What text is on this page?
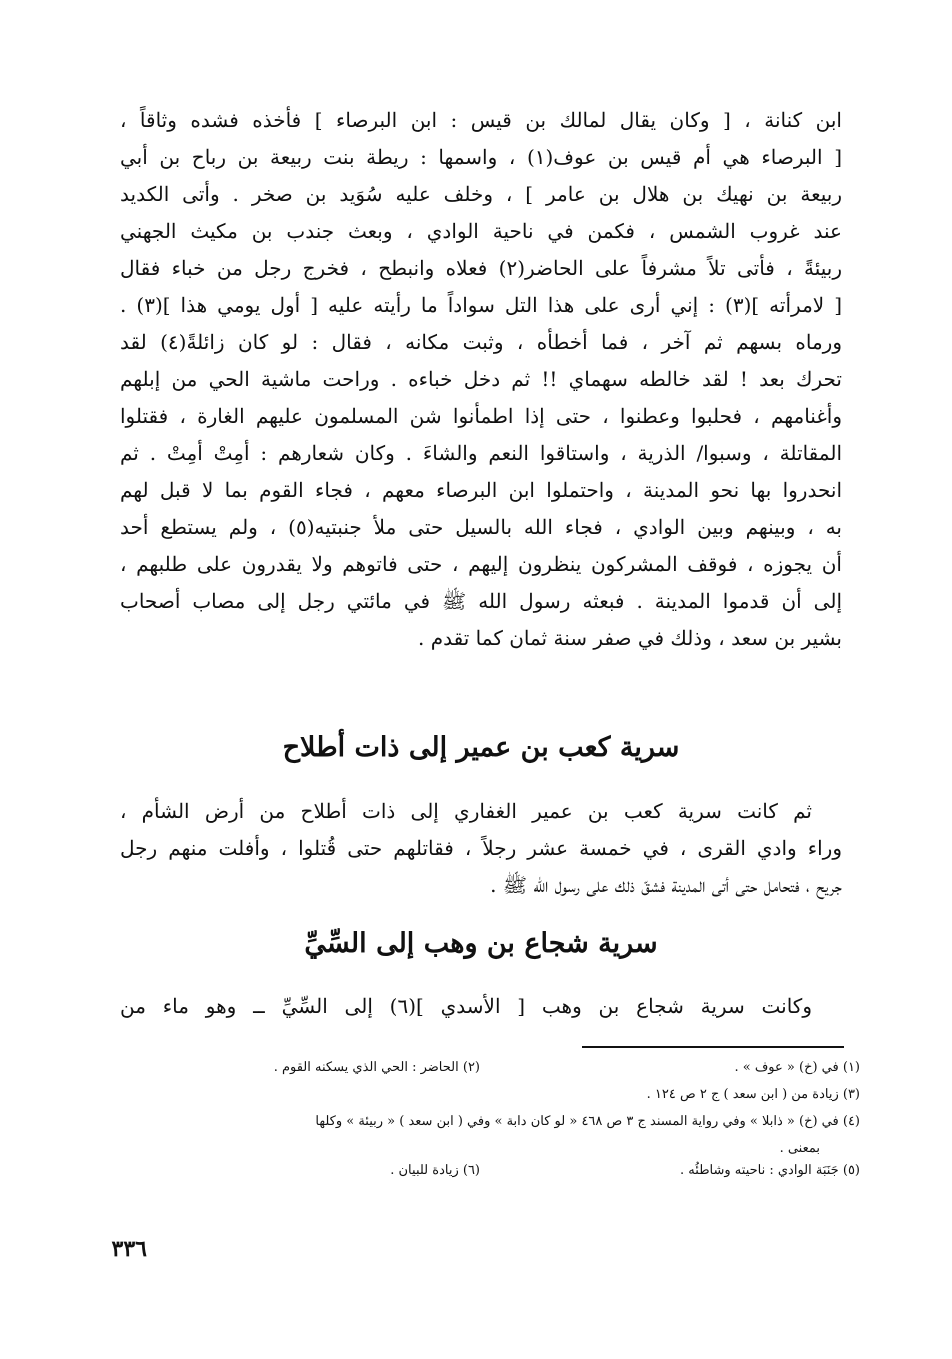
ابن كنانة ، [ وكان يقال لمالك بن قيس : ابن البرصاء ] فأخذه فشده وثاقاً ،
[ البرصاء هي أم قيس بن عوف(١) ، واسمها : ريطة بنت ربيعة بن رباح بن أبي
ربيعة بن نهيك بن هلال بن عامر ] ، وخلف عليه سُوَيد بن صخر . وأتى الكديد
عند غروب الشمس ، فكمن في ناحية الوادي ، وبعث جندب بن مكيث الجهني
ربيئةً ، فأتى تلاً مشرفاً على الحاضر(٢) فعلاه وانبطح ، فخرج رجل من خباء فقال
[ لامرأته ](٣) : إني أرى على هذا التل سواداً ما رأيته عليه [ أول يومي هذا ](٣) .
ورماه بسهم ثم آخر ، فما أخطأه ، وثبت مكانه ، فقال : لو كان زائلةً(٤) لقد
تحرك بعد ! لقد خالطه سهماي !! ثم دخل خباءه . وراحت ماشية الحي من إبلهم
وأغنامهم ، فحلبوا وعطنوا ، حتى إذا اطمأنوا شن المسلمون عليهم الغارة ، فقتلوا
المقاتلة ، وسبوا/ الذرية ، واستاقوا النعم والشاءَ . وكان شعارهم : أمِتْ أمِتْ . ثم
انحدروا بها نحو المدينة ، واحتملوا ابن البرصاء معهم ، فجاء القوم بما لا قبل لهم
به ، وبينهم وبين الوادي ، فجاء الله بالسيل حتى ملأ جنبتيه(٥) ، ولم يستطع أحد
أن يجوزه ، فوقف المشركون ينظرون إليهم ، حتى فاتوهم ولا يقدرون على طلبهم ،
إلى أن قدموا المدينة . فبعثه رسول الله ﷺ في مائتي رجل إلى مصاب أصحاب
بشير بن سعد ، وذلك في صفر سنة ثمان كما تقدم .
سرية كعب بن عمير إلى ذات أطلاح
ثم كانت سرية كعب بن عمير الغفاري إلى ذات أطلاح من أرض الشأم ،
وراء وادي القرى ، في خمسة عشر رجلاً ، فقاتلهم حتى قُتلوا ، وأفلت منهم رجل
جريح ، فتحامل حتى أتى المدينة فشقّ ذلك على رسول الله ﷺ .
سرية شجاع بن وهب إلى السِّيِّ
وكانت سرية شجاع بن وهب [ الأسدي ](٦) إلى السِّيِّ ــ وهو ماء من
(١) في (خ) « عوف » .
(٢) الحاضر : الحي الذي يسكنه القوم .
(٣) زيادة من ( ابن سعد ) ج ٢ ص ١٢٤ .
(٤) في (خ) « ذابلا » وفي رواية المسند ج ٣ ص ٤٦٨ « لو كان دابة » وفي ( ابن سعد ) « ربيئة » وكلها
بمعنى .
(٥) جَنَبَة الوادي : ناحيته وشاطئُه .
(٦) زيادة للبيان .
٣٣٦
